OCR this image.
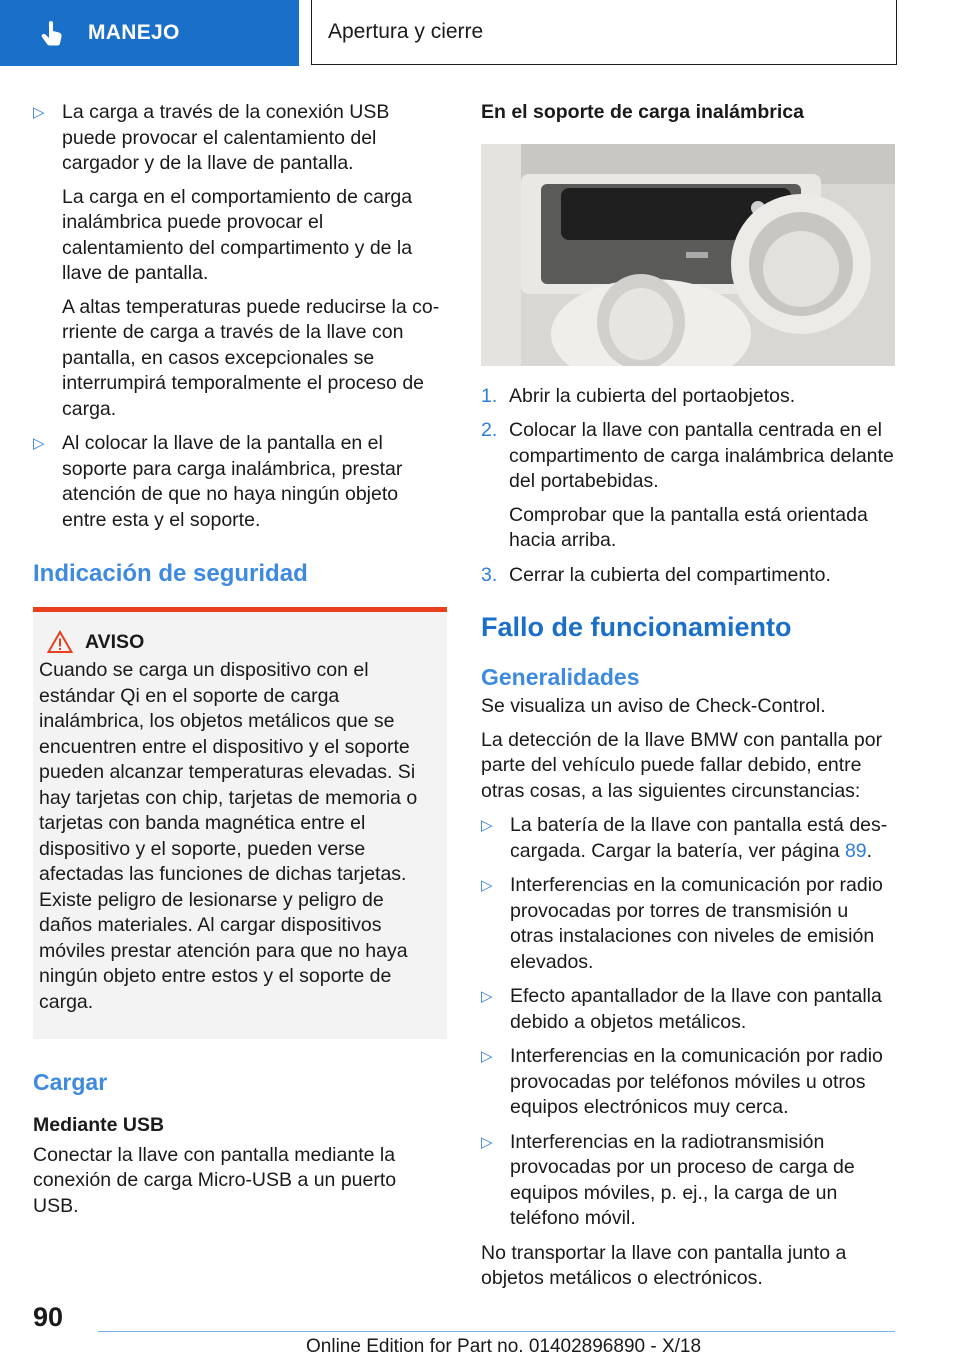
MANEJO	Apertura y cierre
▷ La carga a través de la conexión USB puede provocar el calentamiento del cargador y de la llave de pantalla.

La carga en el comportamiento de carga inalámbrica puede provocar el calentamiento del compartimento y de la llave de pantalla.

A altas temperaturas puede reducirse la corriente de carga a través de la llave con pantalla, en casos excepcionales se interrumpirá temporalmente el proceso de carga.

▷ Al colocar la llave de la pantalla en el soporte para carga inalámbrica, prestar atención de que no haya ningún objeto entre esta y el soporte.

Indicación de seguridad
AVISO

Cuando se carga un dispositivo con el estándar Qi en el soporte de carga inalámbrica, los objetos metálicos que se encuentren entre el dispositivo y el soporte pueden alcanzar temperaturas elevadas. Si hay tarjetas con chip, tarjetas de memoria o tarjetas con banda magnética entre el dispositivo y el soporte, pueden verse afectadas las funciones de dichas tarjetas. Existe peligro de lesionarse y peligro de daños materiales. Al cargar dispositivos móviles prestar atención para que no haya ningún objeto entre estos y el soporte de carga.

Cargar

Mediante USB

Conectar la llave con pantalla mediante la conexión de carga Micro-USB a un puerto USB.

En el soporte de carga inalámbrica

1. Abrir la cubierta del portaobjetos.

2. Colocar la llave con pantalla centrada en el compartimento de carga inalámbrica delante del portabebidas.

Comprobar que la pantalla está orientada hacia arriba.

3. Cerrar la cubierta del compartimento.

Fallo de funcionamiento
Generalidades

Se visualiza un aviso de Check-Control.

La detección de la llave BMW con pantalla por parte del vehículo puede fallar debido, entre otras cosas, a las siguientes circunstancias:

▷ La batería de la llave con pantalla está descargada. Cargar la batería, ver página 89.

▷ Interferencias en la comunicación por radio provocadas por torres de transmisión u otras instalaciones con niveles de emisión elevados.

▷ Efecto apantallador de la llave con pantalla debido a objetos metálicos.

▷ Interferencias en la comunicación por radio provocadas por teléfonos móviles u otros equipos electrónicos muy cerca.

▷ Interferencias en la radiotransmisión provocadas por un proceso de carga de equipos móviles, p. ej., la carga de un teléfono móvil.

No transportar la llave con pantalla junto a objetos metálicos o electrónicos.

90
Online Edition for Part no. 01402896890 - X/18
